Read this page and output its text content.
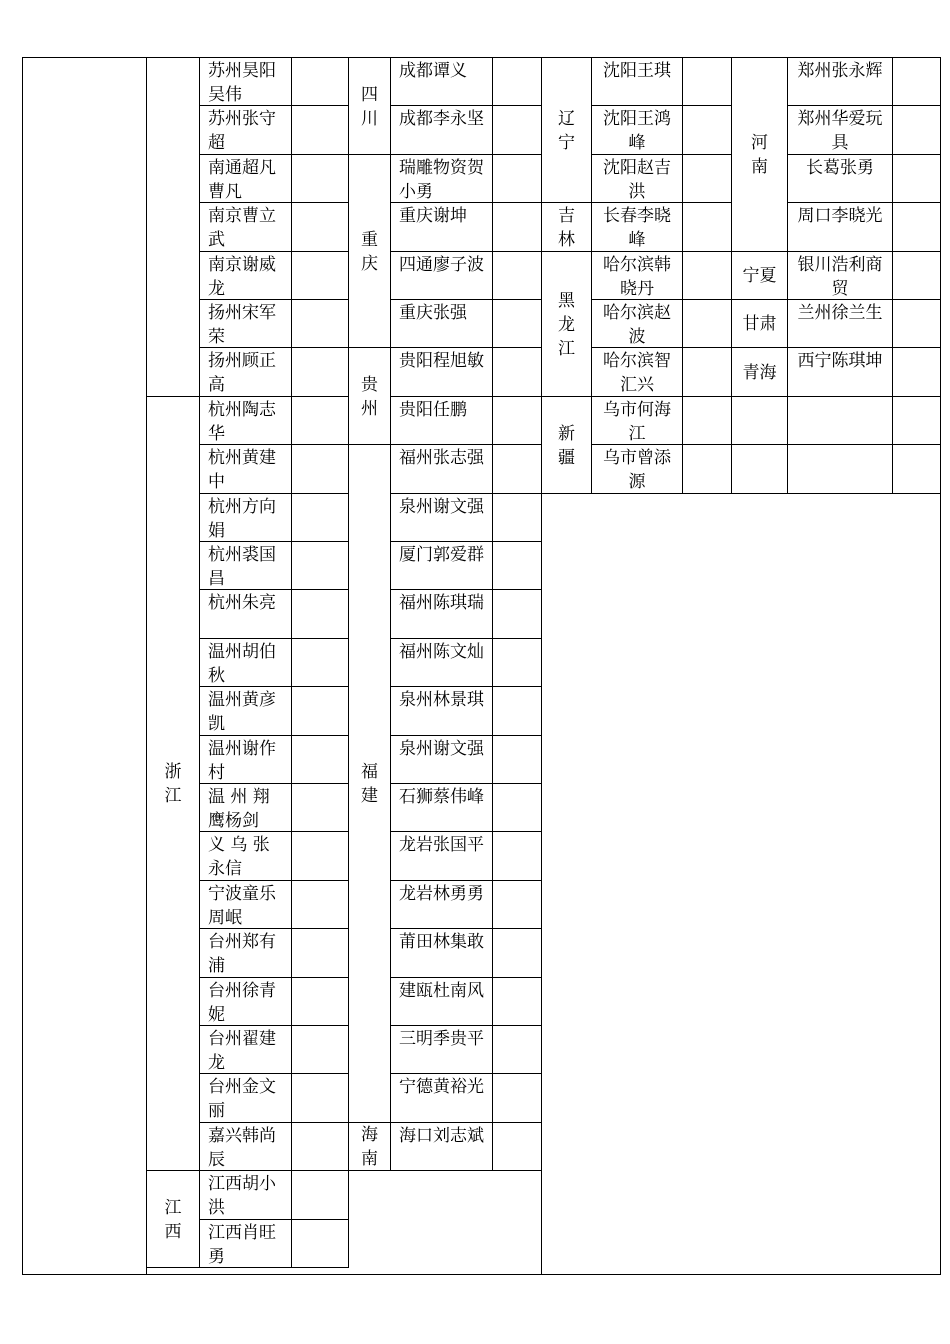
苏州昊阳吴伟
苏州张守超
南通超凡曹凡
南京曹立武
南京谢威龙
扬州宋军荣
扬州顾正高
杭州陶志华
杭州黄建中
杭州方向娟
杭州裘国昌
杭州朱亮
温州胡伯秋
温州黄彦凯
温州谢作村
温 州 翔 鹰杨剑
义 乌 张 永信
宁波童乐周岷
台州郑有浦
台州徐青妮
台州翟建龙
台州金文丽
嘉兴韩尚辰
浙江
江西胡小洪
江西肖旺勇
江西
成都谭义
成都李永坚
四川
瑞雕物资贺小勇
重庆谢坤
四通廖子波
重庆张强
重庆
贵阳程旭敏
贵阳任鹏
贵州
福州张志强
泉州谢文强
厦门郭爱群
福州陈琪瑞
福州陈文灿
泉州林景琪
泉州谢文强
石狮蔡伟峰
龙岩张国平
龙岩林勇勇
莆田林集敢
建瓯杜南风
三明季贵平
宁德黄裕光
福建
海口刘志斌
海南
沈阳王琪
沈阳王鸿峰
沈阳赵吉洪
辽宁
长春李晓峰
吉林
哈尔滨韩晓丹
哈尔滨赵波
哈尔滨智汇兴
黑龙江
乌市何海江
乌市曾添源
新疆
郑州张永辉
郑州华爱玩具
长葛张勇
周口李晓光
河南
银川浩利商贸
宁夏
兰州徐兰生
甘肃
西宁陈琪坤
青海
